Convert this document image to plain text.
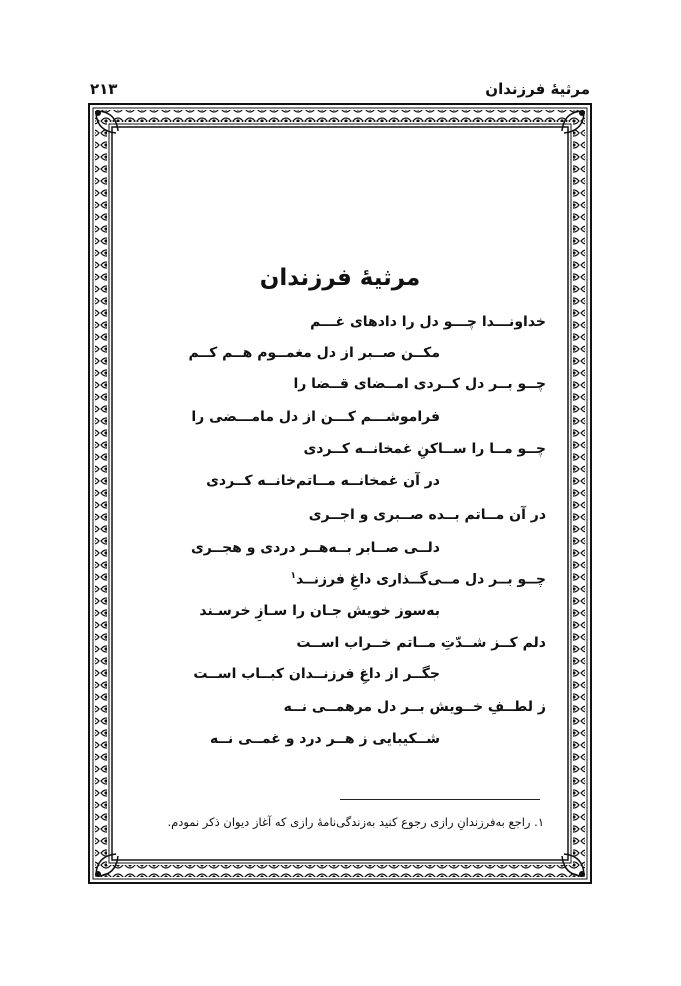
مرثیهٔ فرزندان
۲۱۳
مرثیهٔ فرزندان
خداونـــدا چـــو دل را دادهای غـــم
مکــن صــبر از دل مغمــوم هــم کــم
چــو بــر دل کــردی امــضای قــضا را
فراموشـــم کـــن از دل مامـــضی را
چــو مــا را ســاکنِ غمخانــه کــردی
در آن غمخانــه مــاتم‌خانــه کــردی
در آن مــاتم بــده صــبری و اجــری
دلــی صــابر بــه‌هــر دردی و هجــری
چــو بــر دل مــی‌گــذاری داغِ فرزنــد$^۱$
به‌سوز خویش جـان را سـازِ خرسـند
دلم کــز شــدّتِ مــاتم خــراب اســت
جگــر از داغِ فرزنــدان کبــاب اســت
ز لطــفِ خــویش بــر دل مرهمــی نــه
شــکیبایی ز هــر درد و غمــی نــه
۱. راجع به‌فرزندانِ رازی رجوع کنید به‌زندگی‌نامهٔ رازی که آغاز دیوان ذکر نمودم.
